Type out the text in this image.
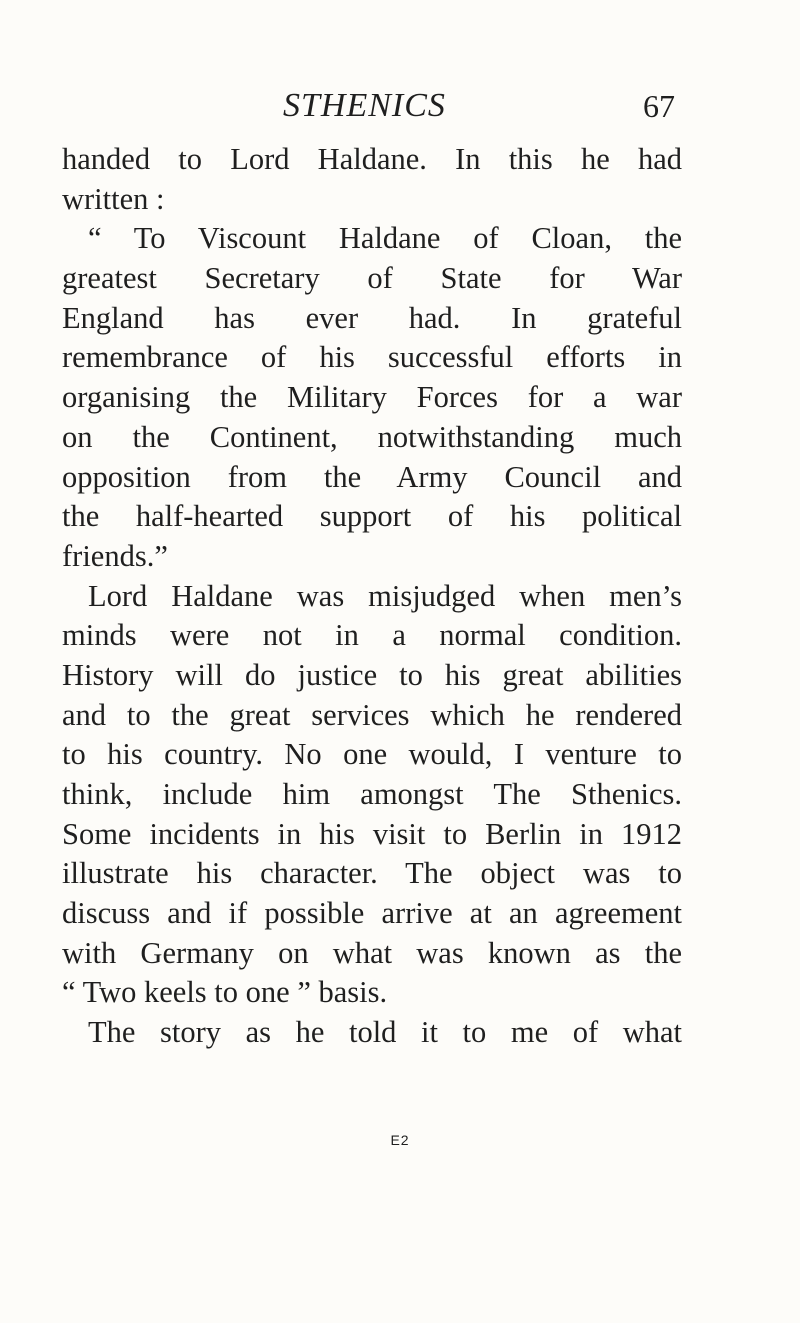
STHENICS	67
handed to Lord Haldane. In this he had
written :
“ To Viscount Haldane of Cloan, the
greatest Secretary of State for War
England has ever had. In grateful
remembrance of his successful efforts in
organising the Military Forces for a war
on the Continent, notwithstanding much
opposition from the Army Council and
the half-hearted support of his political
friends.”
Lord Haldane was misjudged when men’s
minds were not in a normal condition.
History will do justice to his great abilities
and to the great services which he rendered
to his country. No one would, I venture to
think, include him amongst The Sthenics.
Some incidents in his visit to Berlin in 1912
illustrate his character. The object was to
discuss and if possible arrive at an agreement
with Germany on what was known as the
“ Two keels to one ” basis.
The story as he told it to me of what
E2
